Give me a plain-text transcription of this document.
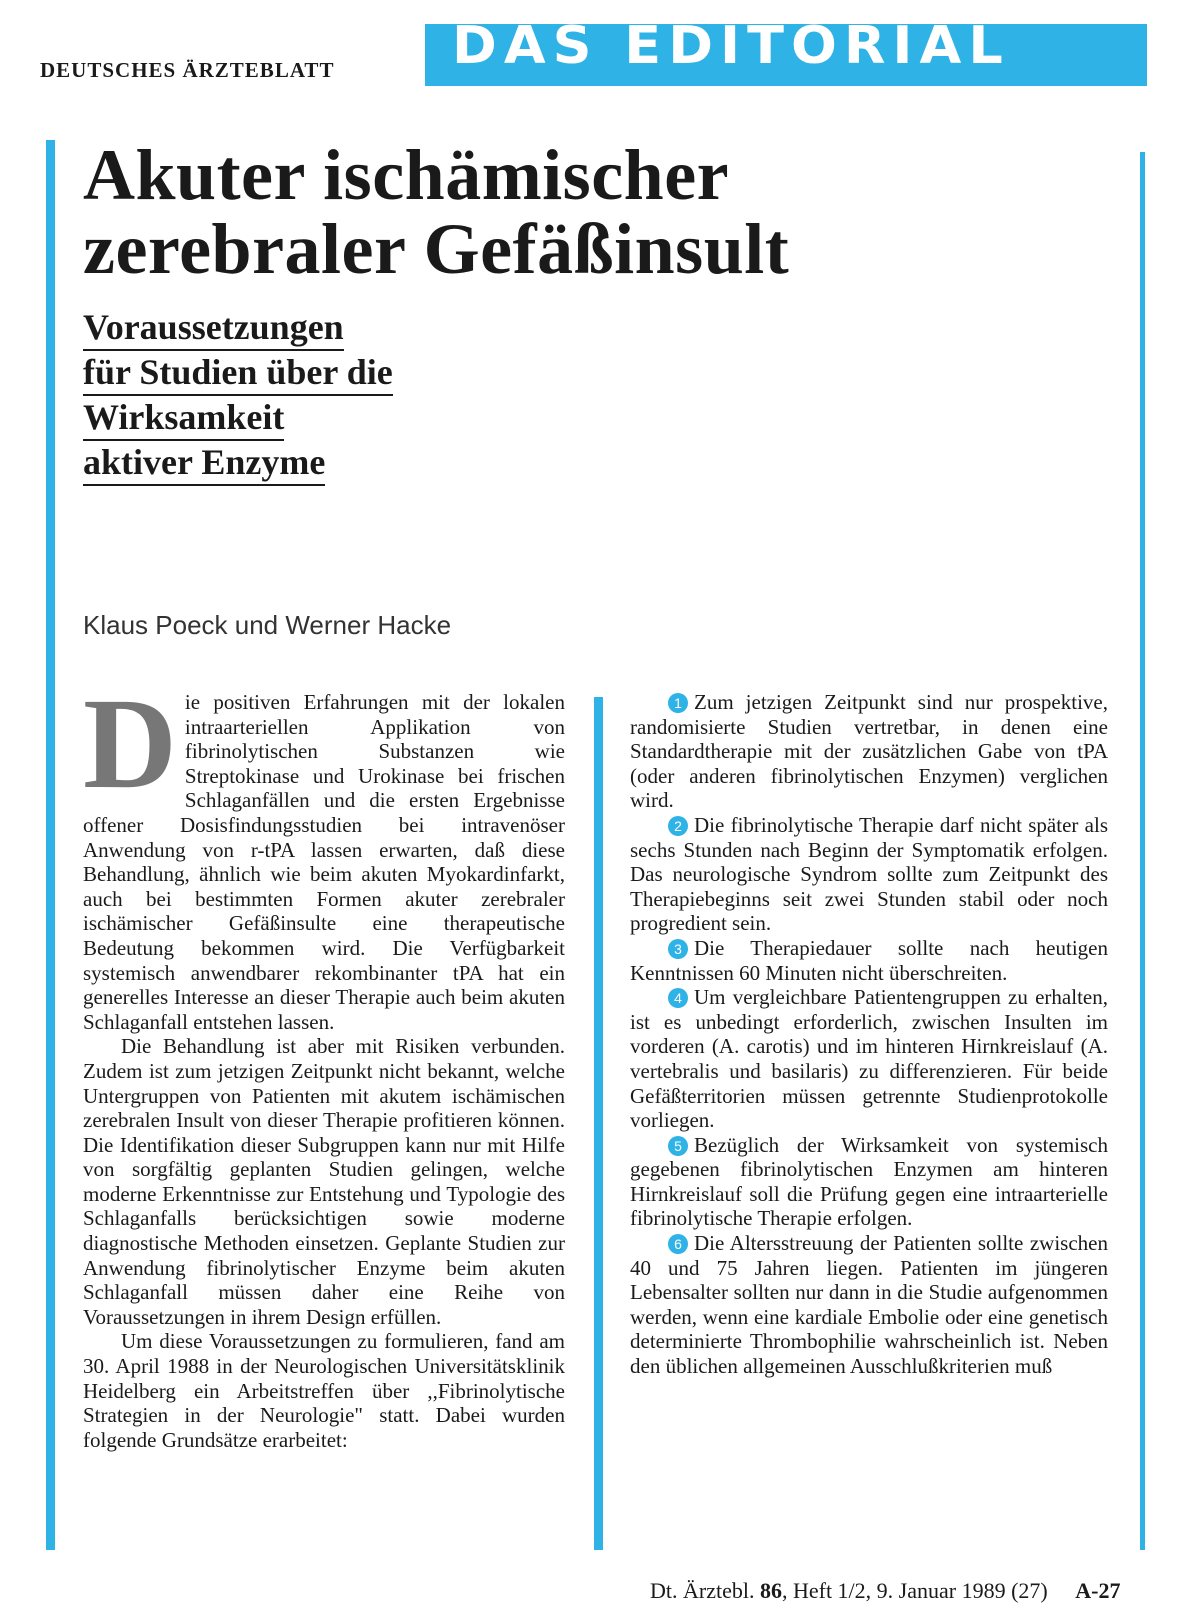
DEUTSCHES ÄRZTEBLATT DAS EDITORIAL
Akuter ischämischer
zerebraler Gefäßinsult
Voraussetzungen
für Studien über die
Wirksamkeit
aktiver Enzyme
Klaus Poeck und Werner Hacke

Die positiven Erfahrungen mit der lokalen intraarteriellen Applikation von fibrinolytischen Substanzen wie Streptokinase und Urokinase bei frischen Schlaganfällen und die ersten Ergebnisse offener Dosisfindungsstudien bei intravenöser Anwendung von r-tPA lassen erwarten, daß diese Behandlung, ähnlich wie beim akuten Myokardinfarkt, auch bei bestimmten Formen akuter zerebraler ischämischer Gefäßinsulte eine therapeutische Bedeutung bekommen wird. Die Verfügbarkeit systemisch anwendbarer rekombinanter tPA hat ein generelles Interesse an dieser Therapie auch beim akuten Schlaganfall entstehen lassen.

Die Behandlung ist aber mit Risiken verbunden. Zudem ist zum jetzigen Zeitpunkt nicht bekannt, welche Untergruppen von Patienten mit akutem ischämischen zerebralen Insult von dieser Therapie profitieren können. Die Identifikation dieser Subgruppen kann nur mit Hilfe von sorgfältig geplanten Studien gelingen, welche moderne Erkenntnisse zur Entstehung und Typologie des Schlaganfalls berücksichtigen sowie moderne diagnostische Methoden einsetzen. Geplante Studien zur Anwendung fibrinolytischer Enzyme beim akuten Schlaganfall müssen daher eine Reihe von Voraussetzungen in ihrem Design erfüllen.

Um diese Voraussetzungen zu formulieren, fand am 30. April 1988 in der Neurologischen Universitätsklinik Heidelberg ein Arbeitstreffen über ,,Fibrinolytische Strategien in der Neurologie" statt. Dabei wurden folgende Grundsätze erarbeitet:

1 Zum jetzigen Zeitpunkt sind nur prospektive, randomisierte Studien vertretbar, in denen eine Standardtherapie mit der zusätzlichen Gabe von tPA (oder anderen fibrinolytischen Enzymen) verglichen wird.

2 Die fibrinolytische Therapie darf nicht später als sechs Stunden nach Beginn der Symptomatik erfolgen. Das neurologische Syndrom sollte zum Zeitpunkt des Therapiebeginns seit zwei Stunden stabil oder noch progredient sein.

3 Die Therapiedauer sollte nach heutigen Kenntnissen 60 Minuten nicht überschreiten.

4 Um vergleichbare Patientengruppen zu erhalten, ist es unbedingt erforderlich, zwischen Insulten im vorderen (A. carotis) und im hinteren Hirnkreislauf (A. vertebralis und basilaris) zu differenzieren. Für beide Gefäßterritorien müssen getrennte Studienprotokolle vorliegen.

5 Bezüglich der Wirksamkeit von systemisch gegebenen fibrinolytischen Enzymen am hinteren Hirnkreislauf soll die Prüfung gegen eine intraarterielle fibrinolytische Therapie erfolgen.

6 Die Altersstreuung der Patienten sollte zwischen 40 und 75 Jahren liegen. Patienten im jüngeren Lebensalter sollten nur dann in die Studie aufgenommen werden, wenn eine kardiale Embolie oder eine genetisch determinierte Thrombophilie wahrscheinlich ist. Neben den üblichen allgemeinen Ausschlußkriterien muß

Dt. Ärztebl. 86, Heft 1/2, 9. Januar 1989 (27) A-27
